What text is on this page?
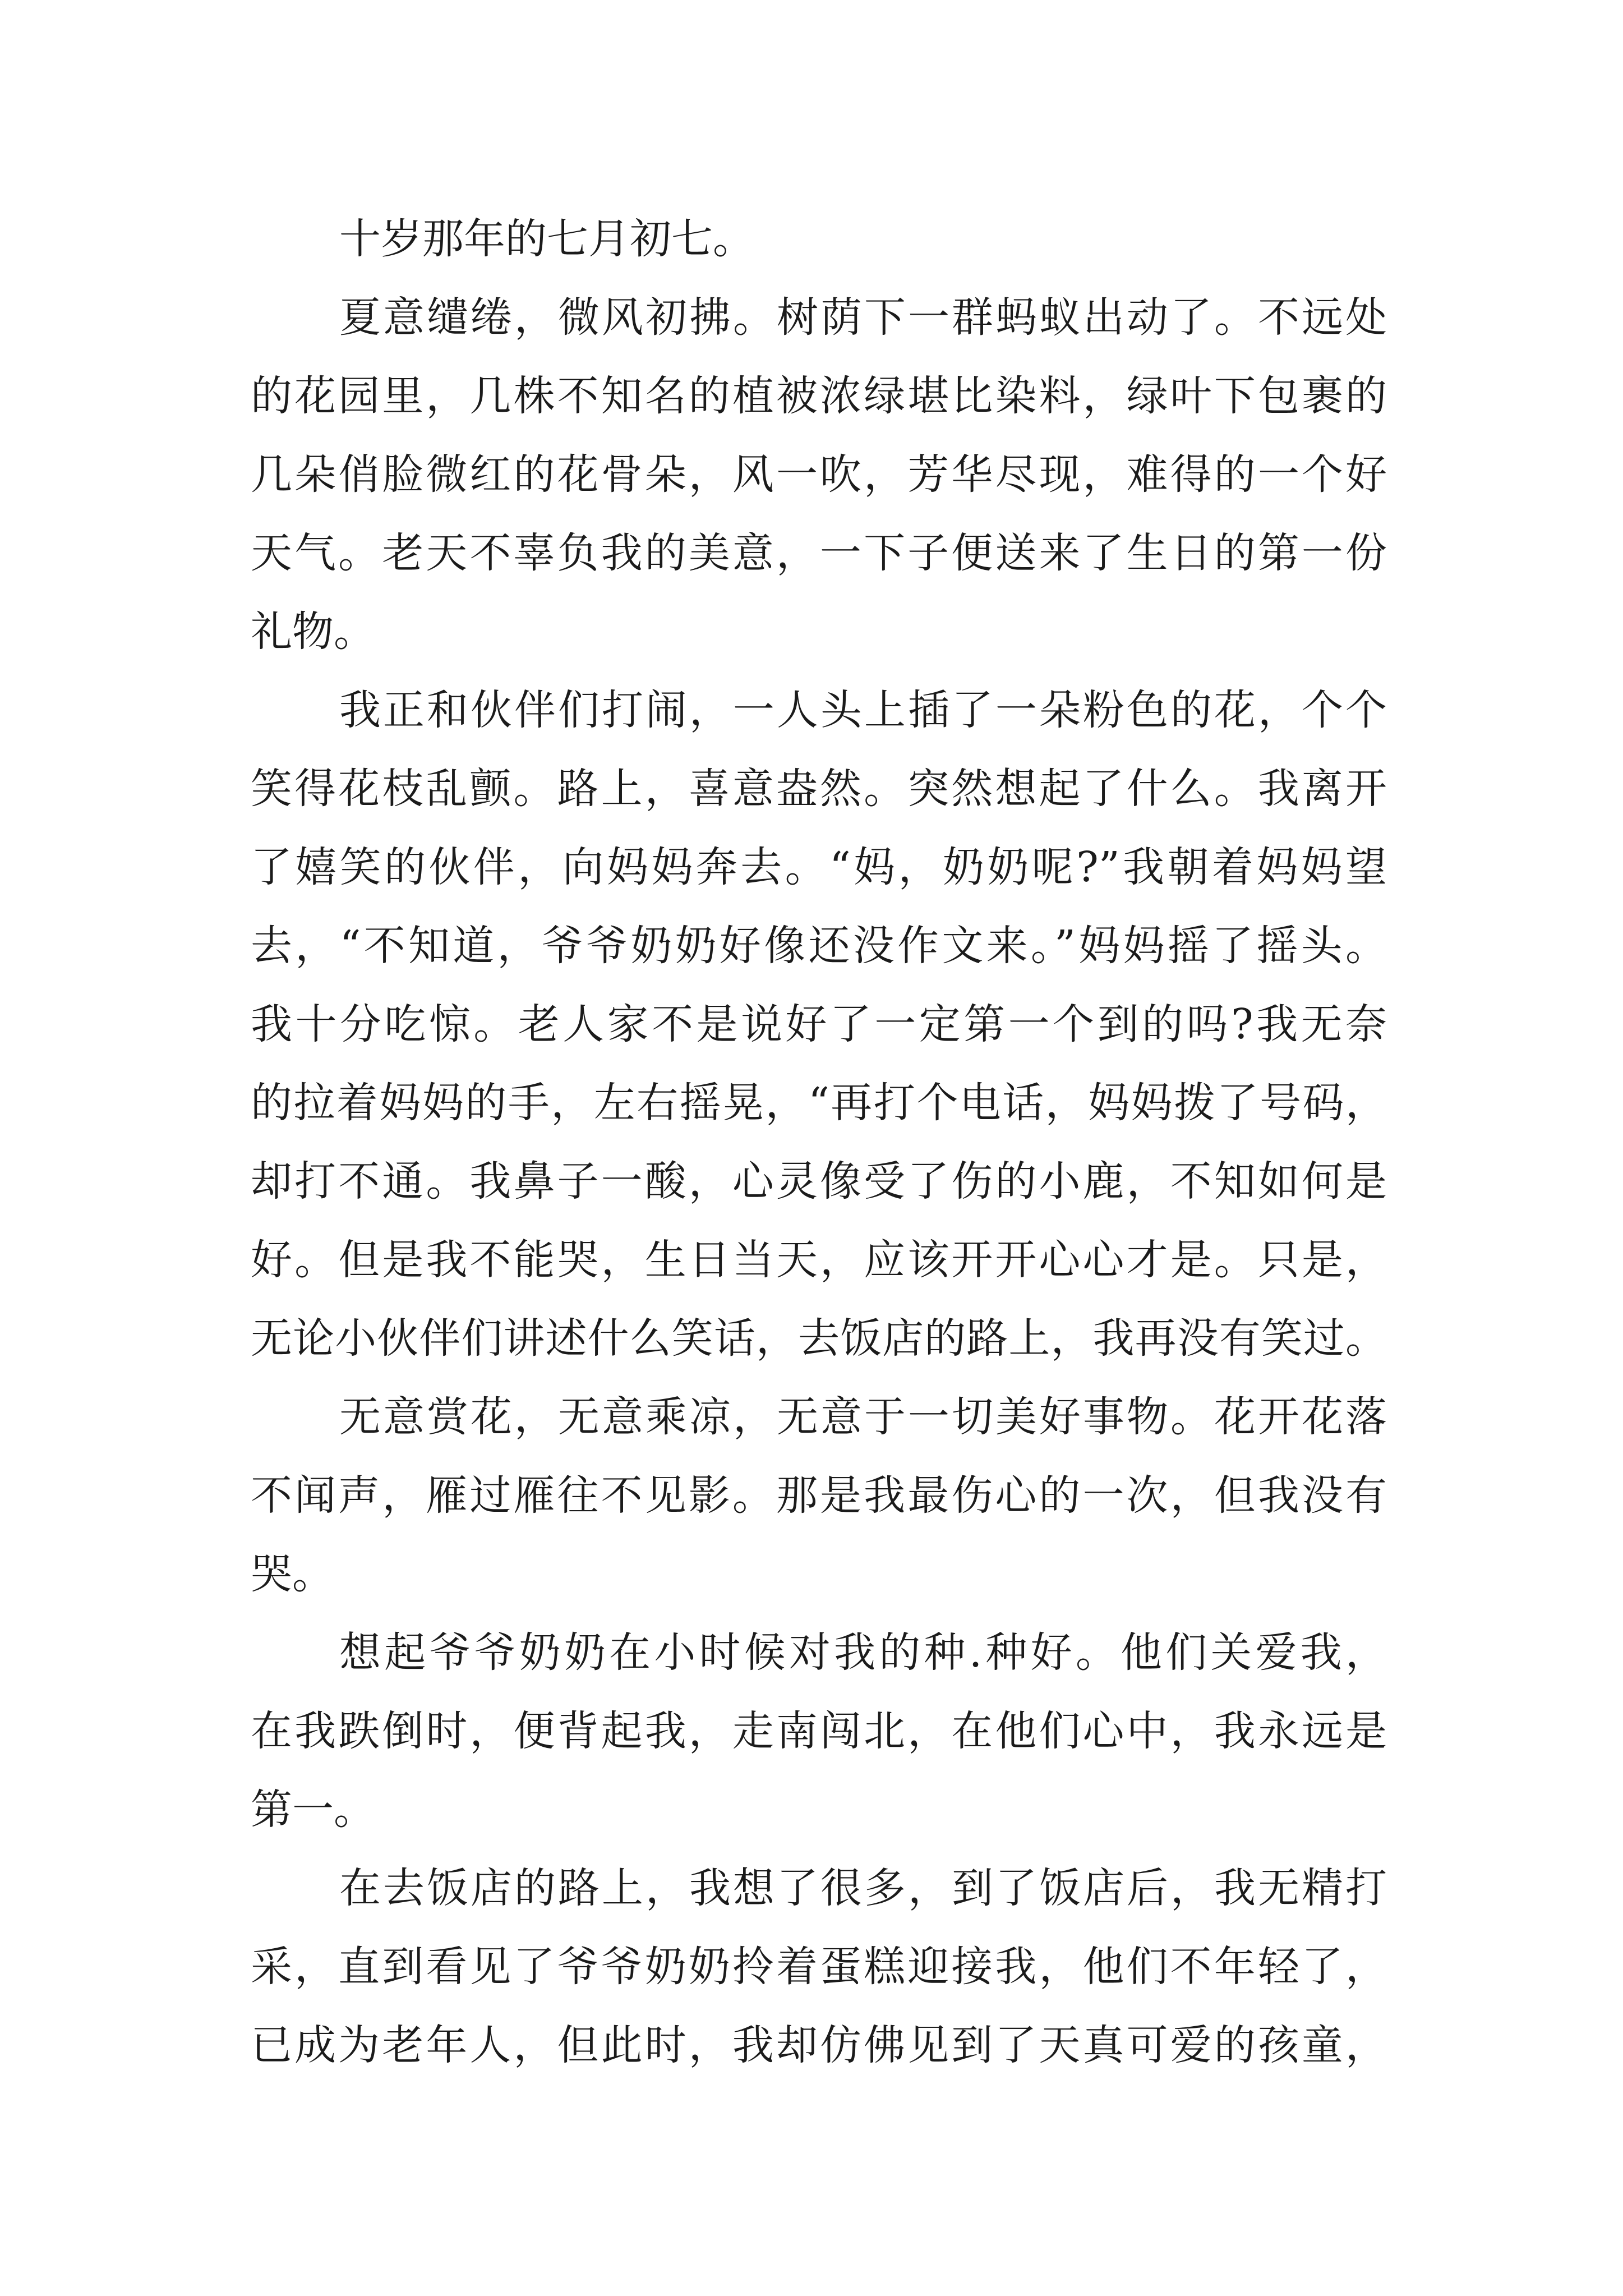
十岁那年的七月初七。
夏意缱绻，微风初拂。树荫下一群蚂蚁出动了。不远处
的花园里，几株不知名的植被浓绿堪比染料，绿叶下包裹的
几朵俏脸微红的花骨朵，风一吹，芳华尽现，难得的一个好
天气。老天不辜负我的美意，一下子便送来了生日的第一份
礼物。
我正和伙伴们打闹，一人头上插了一朵粉色的花，个个
笑得花枝乱颤。路上，喜意盎然。突然想起了什么。我离开
了嬉笑的伙伴，向妈妈奔去。“妈，奶奶呢?”我朝着妈妈望
去，“不知道，爷爷奶奶好像还没作文来。”妈妈摇了摇头。
我十分吃惊。老人家不是说好了一定第一个到的吗?我无奈
的拉着妈妈的手，左右摇晃，“再打个电话，妈妈拨了号码，
却打不通。我鼻子一酸，心灵像受了伤的小鹿，不知如何是
好。但是我不能哭，生日当天，应该开开心心才是。只是，
无论小伙伴们讲述什么笑话，去饭店的路上，我再没有笑过。
无意赏花，无意乘凉，无意于一切美好事物。花开花落
不闻声，雁过雁往不见影。那是我最伤心的一次，但我没有
哭。
想起爷爷奶奶在小时候对我的种.种好。他们关爱我，
在我跌倒时，便背起我，走南闯北，在他们心中，我永远是
第一。
在去饭店的路上，我想了很多，到了饭店后，我无精打
采，直到看见了爷爷奶奶拎着蛋糕迎接我，他们不年轻了，
已成为老年人，但此时，我却仿佛见到了天真可爱的孩童，
